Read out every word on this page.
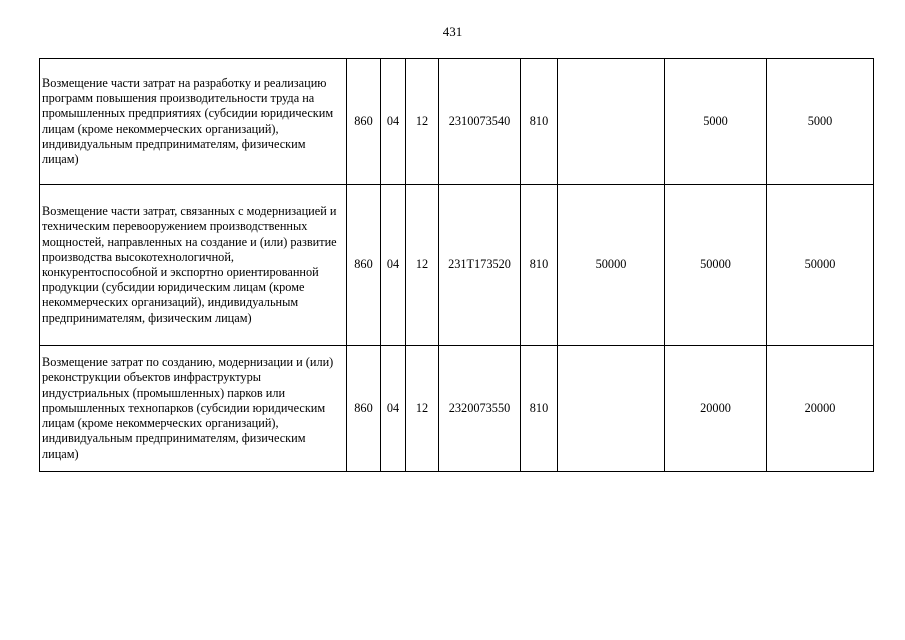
431
Возмещение части затрат на разработку и реализацию программ повышения производительности труда на промышленных предприятиях (субсидии юридическим лицам (кроме некоммерческих организаций), индивидуальным предпринимателям, физическим лицам)	860	04	12	2310073540	810		5000	5000
Возмещение части затрат, связанных с модернизацией и техническим перевооружением производственных мощностей, направленных на создание и (или) развитие производства высокотехнологичной, конкурентоспособной и экспортно ориентированной продукции (субсидии юридическим лицам (кроме некоммерческих организаций), индивидуальным предпринимателям, физическим лицам)	860	04	12	231T173520	810	50000	50000	50000
Возмещение затрат по созданию, модернизации и (или) реконструкции объектов инфраструктуры индустриальных (промышленных) парков или промышленных технопарков (субсидии юридическим лицам (кроме некоммерческих организаций), индивидуальным предпринимателям, физическим лицам)	860	04	12	2320073550	810		20000	20000
